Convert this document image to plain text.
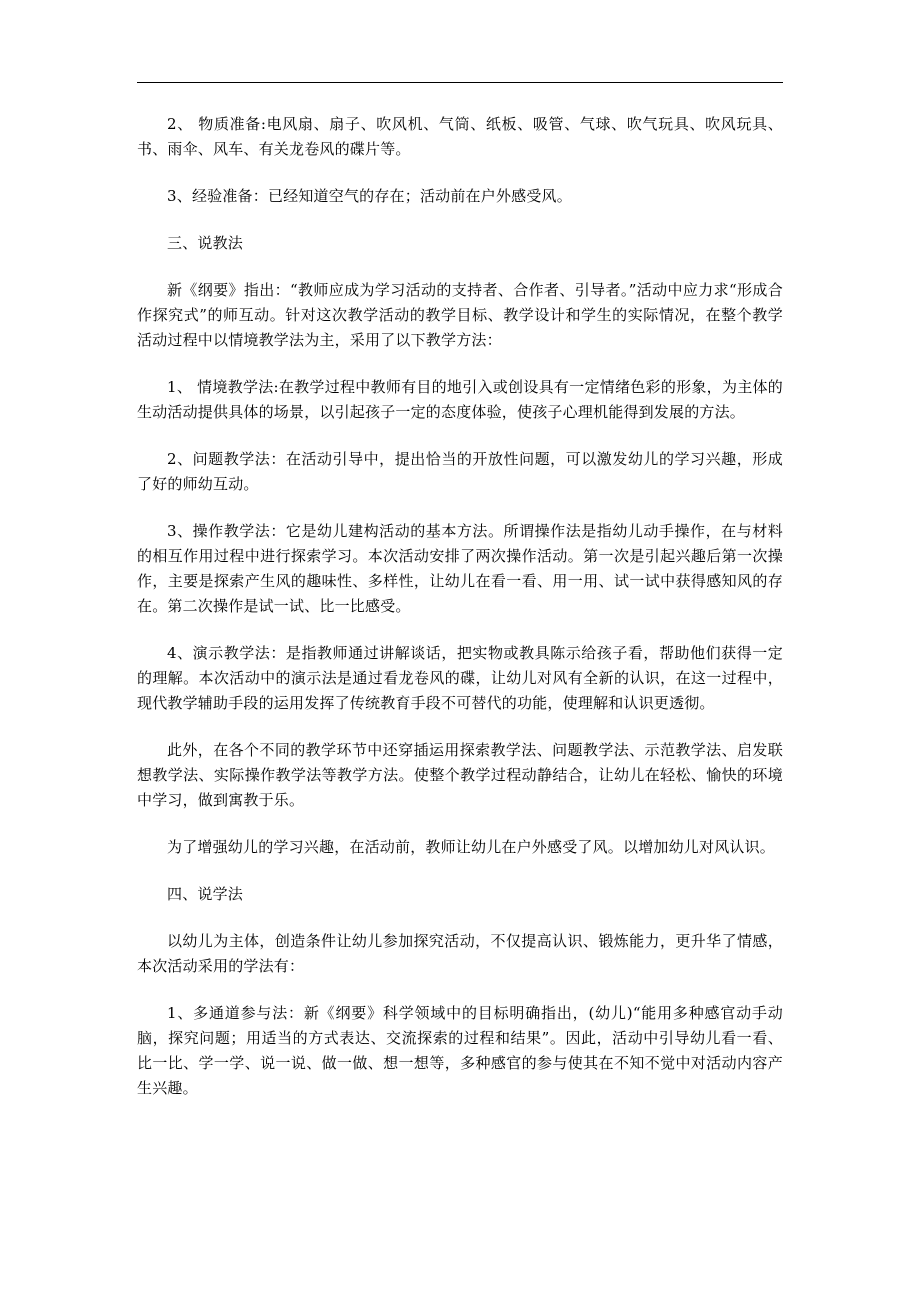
2、 物质准备:电风扇、扇子、吹风机、气筒、纸板、吸管、气球、吹气玩具、吹风玩具、 书、雨伞、风车、有关龙卷风的碟片等。

3、经验准备：已经知道空气的存在；活动前在户外感受风。

三、说教法

新《纲要》指出：“教师应成为学习活动的支持者、合作者、引导者。”活动中应力求“形成合作探究式”的师互动。针对这次教学活动的教学目标、教学设计和学生的实际情况，在整个教学活动过程中以情境教学法为主，采用了以下教学方法：

1、 情境教学法:在教学过程中教师有目的地引入或创设具有一定情绪色彩的形象，为主体的生动活动提供具体的场景，以引起孩子一定的态度体验，使孩子心理机能得到发展的方法。

2、问题教学法：在活动引导中，提出恰当的开放性问题，可以激发幼儿的学习兴趣，形成了好的师幼互动。

3、操作教学法：它是幼儿建构活动的基本方法。所谓操作法是指幼儿动手操作，在与材料的相互作用过程中进行探索学习。本次活动安排了两次操作活动。第一次是引起兴趣后第一次操作，主要是探索产生风的趣味性、多样性，让幼儿在看一看、用一用、试一试中获得感知风的存在。第二次操作是试一试、比一比感受。

4、演示教学法：是指教师通过讲解谈话，把实物或教具陈示给孩子看，帮助他们获得一定的理解。本次活动中的演示法是通过看龙卷风的碟，让幼儿对风有全新的认识，在这一过程中，现代教学辅助手段的运用发挥了传统教育手段不可替代的功能，使理解和认识更透彻。

此外，在各个不同的教学环节中还穿插运用探索教学法、问题教学法、示范教学法、启发联想教学法、实际操作教学法等教学方法。使整个教学过程动静结合，让幼儿在轻松、愉快的环境中学习，做到寓教于乐。

为了增强幼儿的学习兴趣，在活动前，教师让幼儿在户外感受了风。以增加幼儿对风认识。

四、说学法

以幼儿为主体，创造条件让幼儿参加探究活动，不仅提高认识、锻炼能力，更升华了情感，本次活动采用的学法有：

1、多通道参与法：新《纲要》科学领域中的目标明确指出，(幼儿)“能用多种感官动手动脑，探究问题；用适当的方式表达、交流探索的过程和结果”。因此，活动中引导幼儿看一看、比一比、学一学、说一说、做一做、想一想等，多种感官的参与使其在不知不觉中对活动内容产生兴趣。
